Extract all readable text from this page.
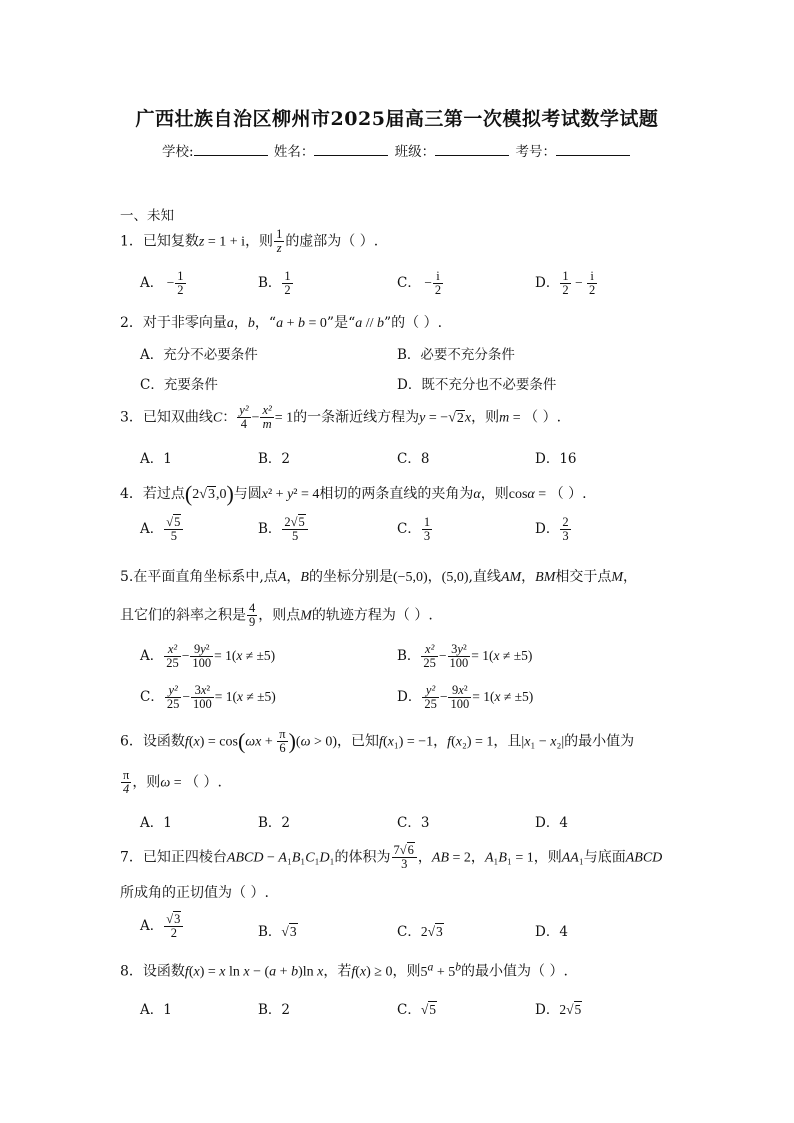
广西壮族自治区柳州市2025届高三第一次模拟考试数学试题
学校:	姓名：	班级：	考号：
一、未知
1．已知复数z = 1 + i，则 $\frac{1}{z}$ 的虚部为（ ）.
A． − $\frac{1}{2}$	B． $\frac{1}{2}$	C． − $\frac{i}{2}$	D． $\frac{1}{2} - \frac{i}{2}$
2．对于非零向量a，b，“a + b = 0”是“a // b”的（ ）.
A．充分不必要条件	B．必要不充分条件
C．充要条件	D．既不充分也不必要条件
3．已知双曲线C： $\frac{\text{y²}}{4} - \frac{\text{x²}}{m} = 1$的一条渐近线方程为y = −√2x，则m = （ ）.
A．1	B．2	C．8	D．16
4．若过点(2√3,0)与圆x² + y² = 4相切的两条直线的夹角为α，则cosα = （ ）.
A． $\frac{√5}{5}$	B． $\frac{2√5}{5}$	C． $\frac{1}{3}$	D． $\frac{2}{3}$
5.在平面直角坐标系中,点A，B的坐标分别是(−5,0)，(5,0),直线AM，BM相交于点M，
且它们的斜率之积是 $\frac{4}{9}$ ，则点M的轨迹方程为（ ）.
A． $\frac{\text{x²}}{25} - \frac{\text{9y²}}{100} = 1(x \ne \pm 5)$	B． $\frac{\text{x²}}{25} - \frac{\text{3y²}}{100} = 1(x \ne \pm 5)$
C． $\frac{\text{y²}}{25} - \frac{\text{3x²}}{100} = 1(x \ne \pm 5)$	D． $\frac{\text{y²}}{25} - \frac{\text{9x²}}{100} = 1(x \ne \pm 5)$
6．设函数$f(x) = \cos(\omega x + \frac{\pi}{6} )(\omega > 0)$，已知f(x₁) = −1，f(x₂) = 1，且|x₁ − x₂|的最小值为
$\frac{\pi}{4}$ ，则ω = （ ）.
A．1	B．2	C．3	D．4
7．已知正四棱台ABCD − A₁B₁C₁D₁的体积为 $\frac{7√6}{3}$ ，AB = 2，A₁B₁ = 1，则AA₁与底面ABCD
所成角的正切值为（ ）.
A． $\frac{√3}{2}$	B．√3	C．2√3	D．4
8．设函数f(x) = x ln x − (a + b)ln x，若f(x) ≥ 0，则$5^a + 5^b$的最小值为（ ）.
A．1	B．2	C．√5	D．2√5
